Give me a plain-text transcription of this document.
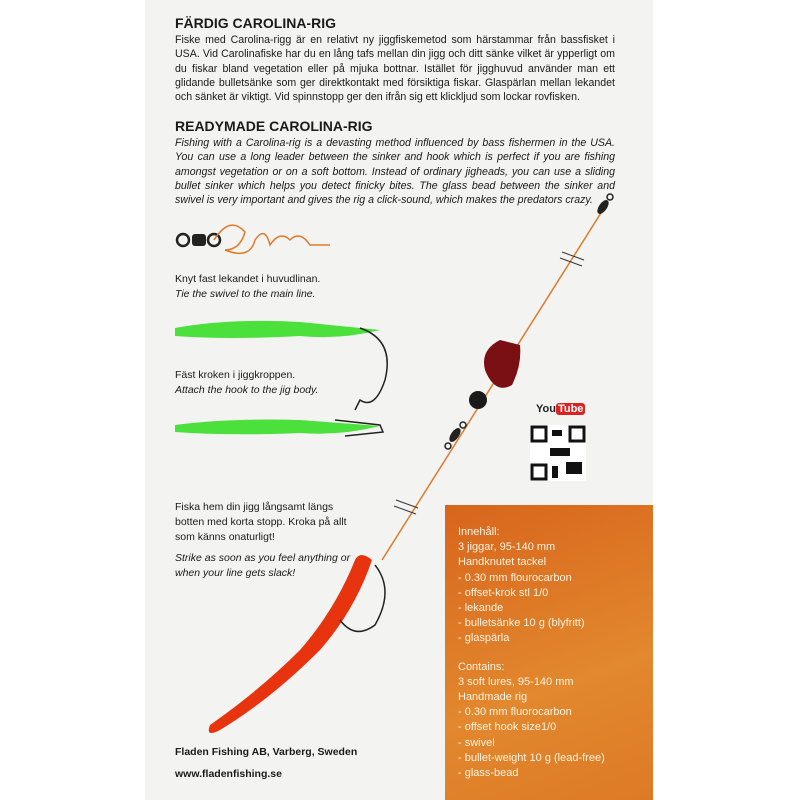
FÄRDIG CAROLINA-RIG
Fiske med Carolina-rigg är en relativt ny jiggfiskemetod som härstammar från bassfisket i USA. Vid Carolinafiske har du en lång tafs mellan din jigg och ditt sänke vilket är ypperligt om du fiskar bland vegetation eller på mjuka bottnar. Istället för jigghuvud använder man ett glidande bulletsänke som ger direktkontakt med försiktiga fiskar. Glaspärlan mellan lekandet och sänket är viktigt. Vid spinnstopp ger den ifrån sig ett klickljud som lockar rovfisken.
READYMADE CAROLINA-RIG
Fishing with a Carolina-rig is a devasting method influenced by bass fishermen in the USA. You can use a long leader between the sinker and hook which is perfect if you are fishing amongst vegetation or on a soft bottom. Instead of ordinary jigheads, you can use a sliding bullet sinker which helps you detect finicky bites. The glass bead between the sinker and swivel is very important and gives the rig a click-sound, which makes the predators crazy.
Knyt fast lekandet i huvudlinan.
Tie the swivel to the main line.
Fäst kroken i jiggkroppen.
Attach the hook to the jig body.
Fiska hem din jigg långsamt längs botten med korta stopp. Kroka på allt som känns onaturligt!
Strike as soon as you feel anything or when your line gets slack!
Fladen Fishing AB, Varberg, Sweden
www.fladenfishing.se
You Tube
Innehåll:
3 jiggar, 95-140 mm
Handknutet tackel
- 0.30 mm flourocarbon
- offset-krok stl 1/0
- lekande
- bulletsänke 10 g (blyfritt)
- glaspärla
Contains:
3 soft lures, 95-140 mm
Handmade rig
- 0.30 mm fluorocarbon
- offset hook size1/0
- swivel
- bullet-weight 10 g (lead-free)
- glass-bead
